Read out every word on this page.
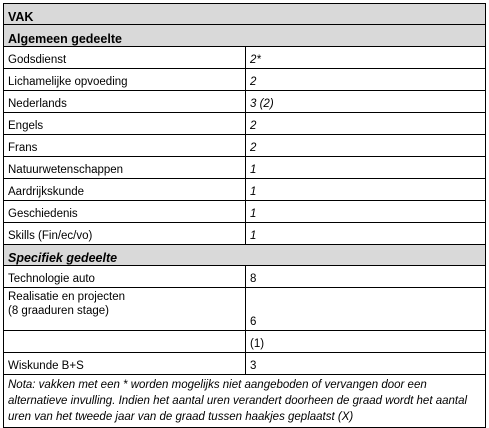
VAK	
Algemeen gedeelte	
Godsdienst	2*
Lichamelijke opvoeding	2
Nederlands	3 (2)
Engels	2
Frans	2
Natuurwetenschappen	1
Aardrijkskunde	1
Geschiedenis	1
Skills (Fin/ec/vo)	1
Specifiek gedeelte	
Technologie auto	8

Realisatie en projecten
(8 graaduren stage)	6
	(1)
Wiskunde B+S	3
Nota: vakken met een * worden mogelijks niet aangeboden of vervangen door een alternatieve invulling. Indien het aantal uren verandert doorheen de graad wordt het aantal uren van het tweede jaar van de graad tussen haakjes geplaatst (X)	
